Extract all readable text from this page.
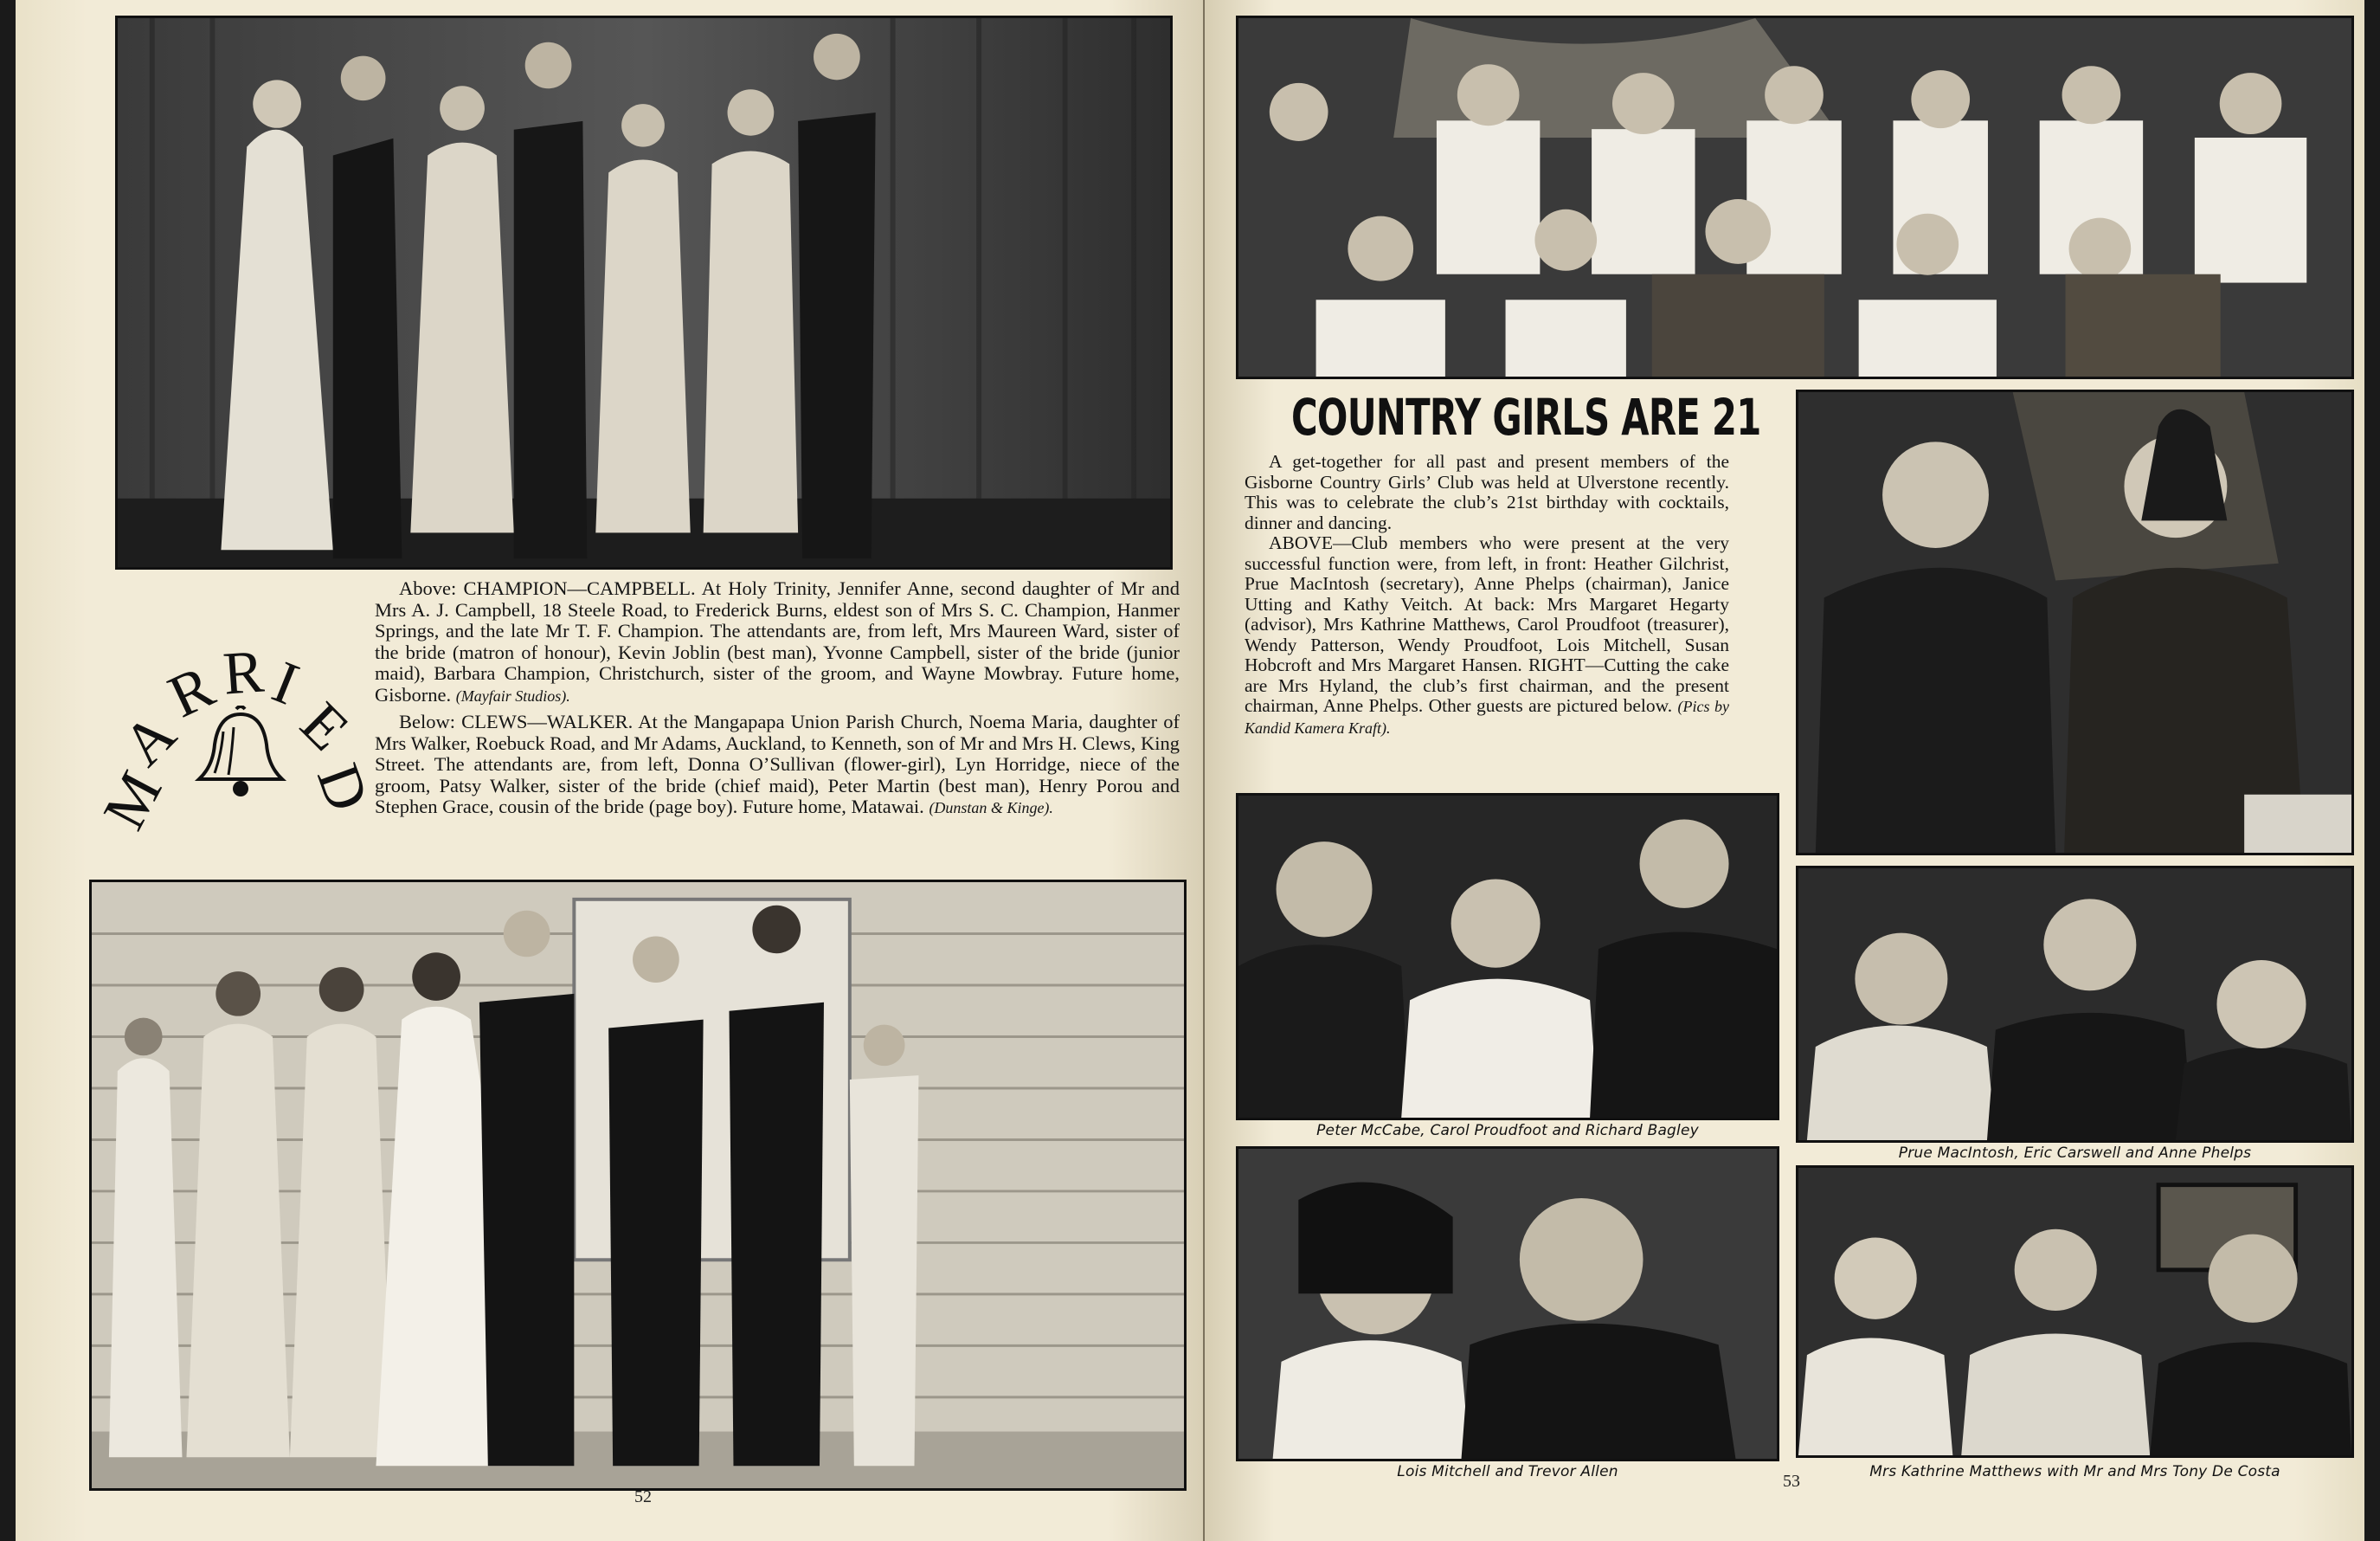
M
A
R
R
I
E
D

Above: CHAMPION—CAMPBELL. At Holy Trinity, Jennifer Anne, second daughter of Mr and Mrs A. J. Campbell, 18 Steele Road, to Frederick Burns, eldest son of Mrs S. C. Champion, Hanmer Springs, and the late Mr T. F. Champion. The attendants are, from left, Mrs Maureen Ward, sister of the bride (matron of honour), Kevin Joblin (best man), Yvonne Campbell, sister of the bride (junior maid), Barbara Champion, Christchurch, sister of the groom, and Wayne Mowbray. Future home, Gisborne. (Mayfair Studios).

Below: CLEWS—WALKER. At the Mangapapa Union Parish Church, Noema Maria, daughter of Mrs Walker, Roebuck Road, and Mr Adams, Auckland, to Kenneth, son of Mr and Mrs H. Clews, King Street. The attendants are, from left, Donna O’Sullivan (flower-girl), Lyn Horridge, niece of the groom, Patsy Walker, sister of the bride (chief maid), Peter Martin (best man), Henry Porou and Stephen Grace, cousin of the bride (page boy). Future home, Matawai. (Dunstan & Kinge).

52
COUNTRY GIRLS ARE 21

A get-together for all past and present members of the Gisborne Country Girls’ Club was held at Ulverstone recently. This was to celebrate the club’s 21st birthday with cocktails, dinner and dancing.

ABOVE—Club members who were present at the very successful function were, from left, in front: Heather Gilchrist, Prue MacIntosh (secretary), Anne Phelps (chairman), Janice Utting and Kathy Veitch. At back: Mrs Margaret Hegarty (advisor), Mrs Kathrine Matthews, Carol Proudfoot (treasurer), Wendy Patterson, Wendy Proudfoot, Lois Mitchell, Susan Hobcroft and Mrs Margaret Hansen. RIGHT—Cutting the cake are Mrs Hyland, the club’s first chairman, and the present chairman, Anne Phelps. Other guests are pictured below. (Pics by Kandid Kamera Kraft).

Peter McCabe, Carol Proudfoot and Richard Bagley
Prue MacIntosh, Eric Carswell and Anne Phelps
Lois Mitchell and Trevor Allen	Mrs Kathrine Matthews with Mr and Mrs Tony De Costa
53
